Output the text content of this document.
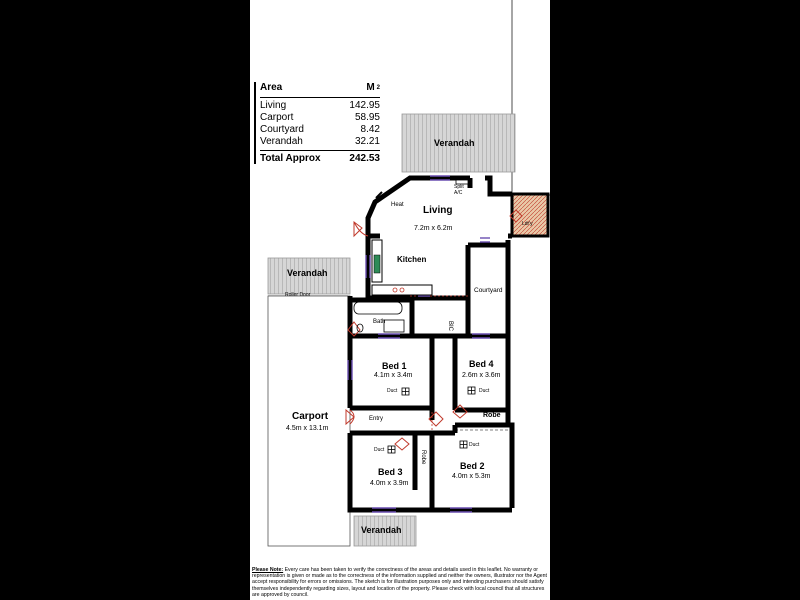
Area	M $^2$
Living	142.95
Carport	58.95
Courtyard	8.42
Verandah	32.21
Total Approx	242.53
Verandah
Split
A/C
Heat Living
7.2m x 6.2m
Ldr'y
Kitchen
Verandah
Roller Door
Courtyard
Bath	BIC
Bed 1
4.1m x 3.4m
Duct
Bed 4
2.6m x 3.6m
Duct
Carport
4.5m x 13.1m
Entry	Robe
Duct
Duct
Robe
Bed 3
4.0m x 3.9m
Bed 2
4.0m x 5.3m
Verandah
Please Note: Every care has been taken to verify the correctness of the areas and details used in this leaflet. No warranty or representation is given or made as to the correctness of the information supplied and neither the owners, illustrator nor the Agent accept responsibility for errors or omissions. The sketch is for illustration purposes only and intending purchasers should satisfy themselves independently regarding sizes, layout and location of the property. Please check with local council that all structures are approved by council.
